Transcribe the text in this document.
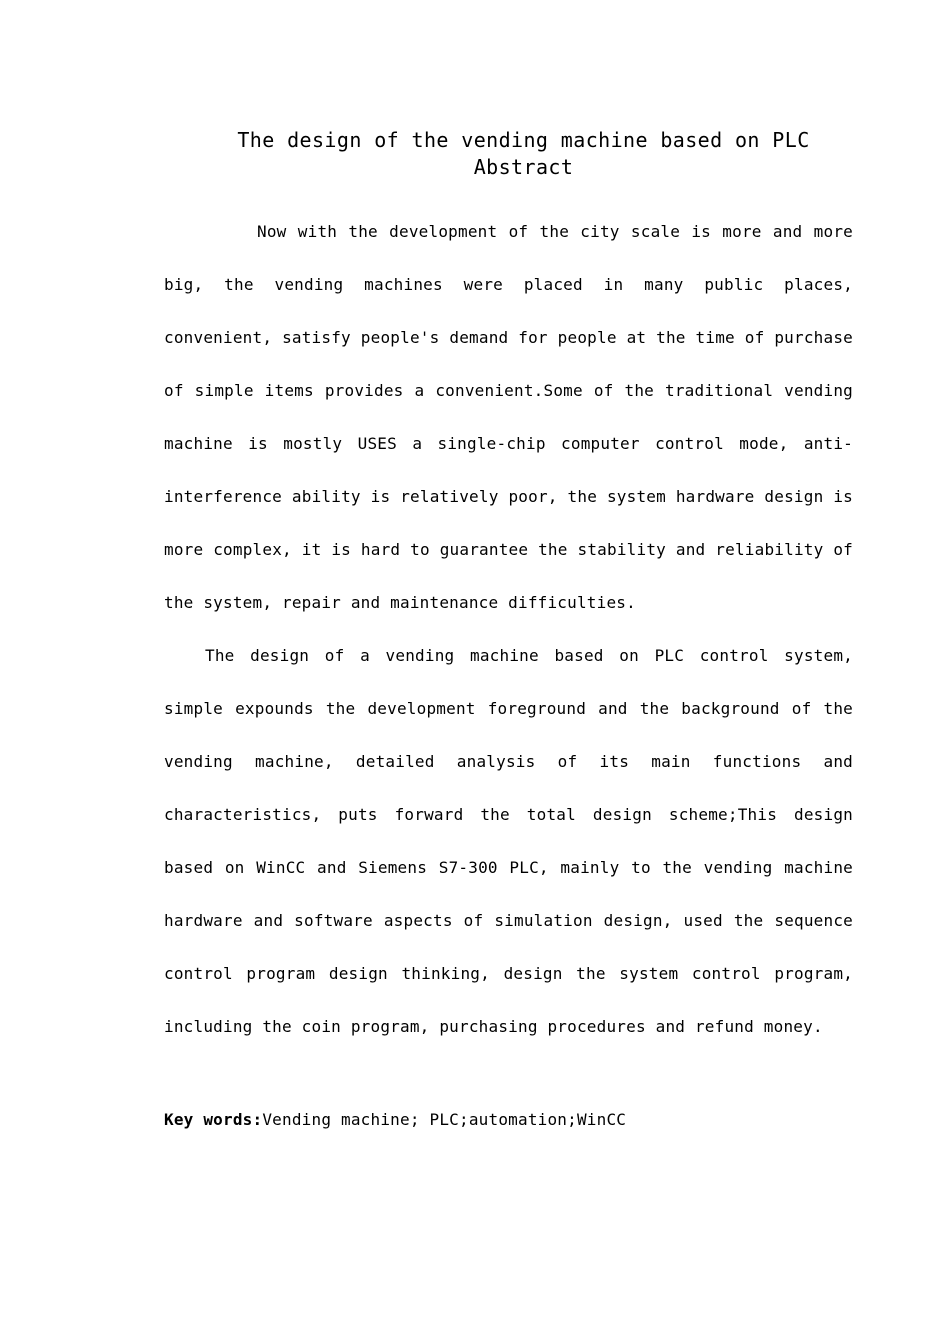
The design of the vending machine based on PLC
Abstract

Now with the development of the city scale is more and more big, the vending machines were placed in many public places, convenient, satisfy people's demand for people at the time of purchase of simple items provides a convenient.Some of the traditional vending machine is mostly USES a single-chip computer control mode, anti-interference ability is relatively poor, the system hardware design is more complex, it is hard to guarantee the stability and reliability of the system, repair and maintenance difficulties.

The design of a vending machine based on PLC control system, simple expounds the development foreground and the background of the vending machine, detailed analysis of its main functions and characteristics, puts forward the total design scheme;This design based on WinCC and Siemens S7-300 PLC, mainly to the vending machine hardware and software aspects of simulation design, used the sequence control program design thinking, design the system control program, including the coin program, purchasing procedures and refund money.

Key words:Vending machine; PLC;automation;WinCC
